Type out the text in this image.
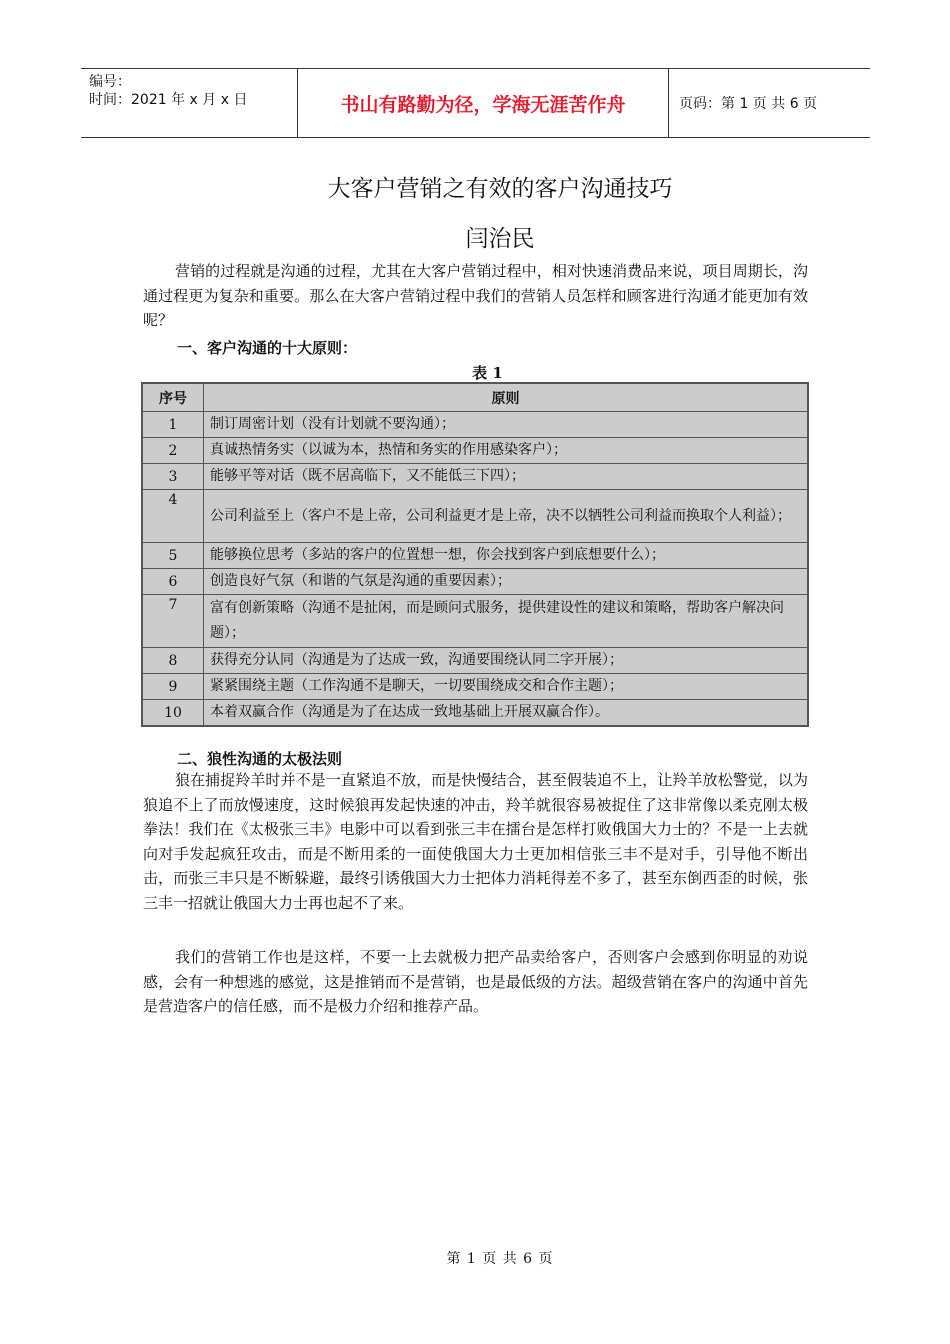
编号：
时间：2021 年 x 月 x 日	书山有路勤为径，学海无涯苦作舟	页码：第 1 页 共 6 页
大客户营销之有效的客户沟通技巧
闫治民
营销的过程就是沟通的过程，尤其在大客户营销过程中，相对快速消费品来说，项目周期长，沟通过程更为复杂和重要。那么在大客户营销过程中我们的营销人员怎样和顾客进行沟通才能更加有效呢？
一、客户沟通的十大原则：
表 1
序号	原则
1	制订周密计划（没有计划就不要沟通）；
2	真诚热情务实（以诚为本，热情和务实的作用感染客户）；
3	能够平等对话（既不居高临下，又不能低三下四）；
4	公司利益至上（客户不是上帝，公司利益更才是上帝，决不以牺牲公司利益而换取个人利益）；
5	能够换位思考（多站的客户的位置想一想，你会找到客户到底想要什么）；
6	创造良好气氛（和谐的气氛是沟通的重要因素）；
7	富有创新策略（沟通不是扯闲，而是顾问式服务，提供建设性的建议和策略，帮助客户解决问题）；
8	获得充分认同（沟通是为了达成一致，沟通要围绕认同二字开展）；
9	紧紧围绕主题（工作沟通不是聊天，一切要围绕成交和合作主题）；
10	本着双赢合作（沟通是为了在达成一致地基础上开展双赢合作）。
二、狼性沟通的太极法则
狼在捕捉羚羊时并不是一直紧追不放，而是快慢结合，甚至假装追不上，让羚羊放松警觉，以为狼追不上了而放慢速度，这时候狼再发起快速的冲击，羚羊就很容易被捉住了这非常像以柔克刚太极拳法！我们在《太极张三丰》电影中可以看到张三丰在擂台是怎样打败俄国大力士的？不是一上去就向对手发起疯狂攻击，而是不断用柔的一面使俄国大力士更加相信张三丰不是对手，引导他不断出击，而张三丰只是不断躲避，最终引诱俄国大力士把体力消耗得差不多了，甚至东倒西歪的时候，张三丰一招就让俄国大力士再也起不了来。
我们的营销工作也是这样，不要一上去就极力把产品卖给客户，否则客户会感到你明显的劝说感，会有一种想逃的感觉，这是推销而不是营销，也是最低级的方法。超级营销在客户的沟通中首先是营造客户的信任感，而不是极力介绍和推荐产品。
第 1 页 共 6 页
